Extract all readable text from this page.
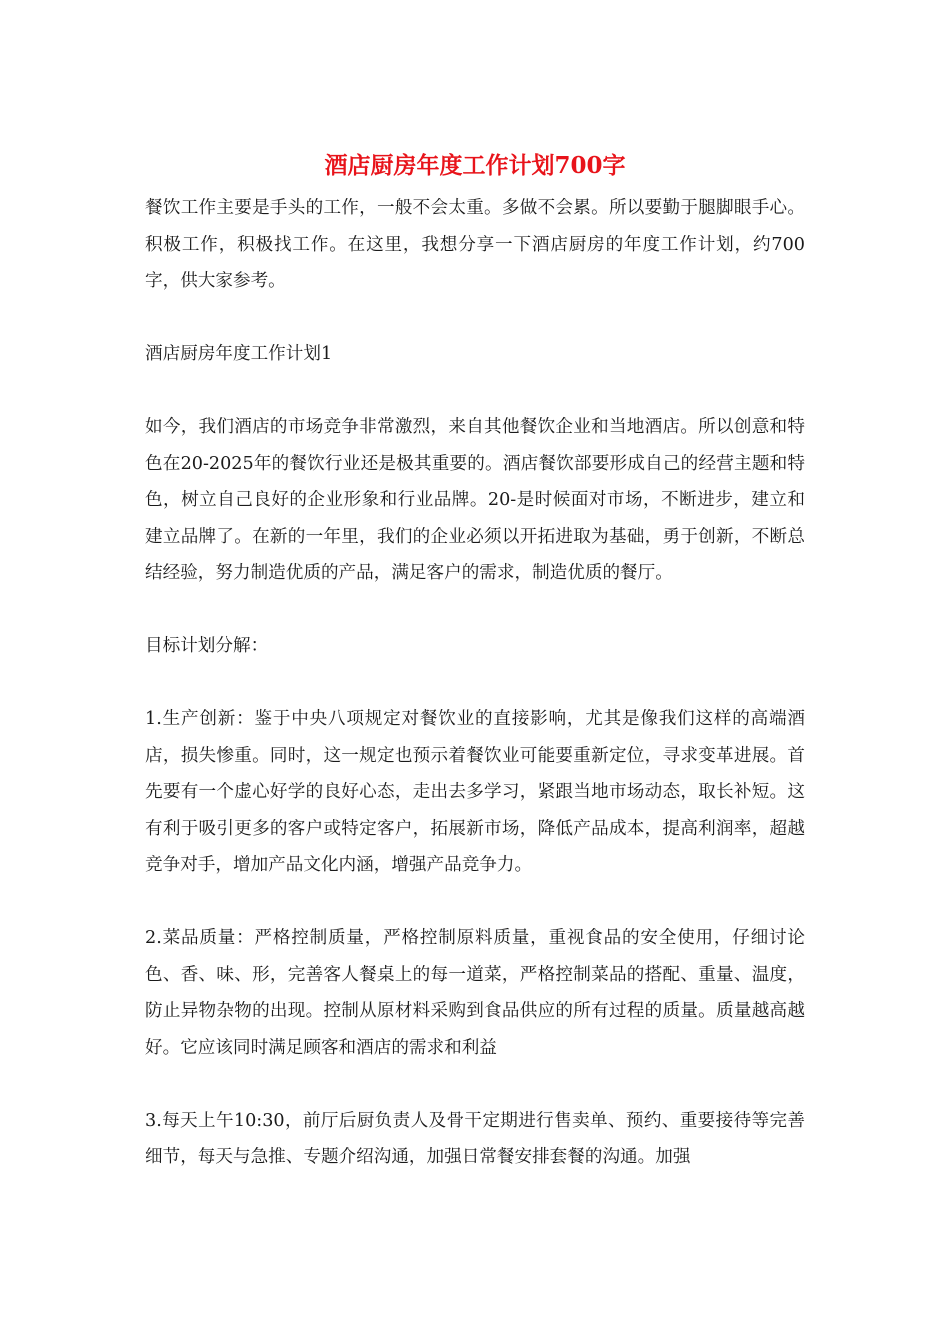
酒店厨房年度工作计划700字

餐饮工作主要是手头的工作，一般不会太重。多做不会累。所以要勤于腿脚眼手心。积极工作，积极找工作。在这里，我想分享一下酒店厨房的年度工作计划，约700字，供大家参考。

酒店厨房年度工作计划1

如今，我们酒店的市场竞争非常激烈，来自其他餐饮企业和当地酒店。所以创意和特色在20-2025年的餐饮行业还是极其重要的。酒店餐饮部要形成自己的经营主题和特色，树立自己良好的企业形象和行业品牌。20-是时候面对市场，不断进步，建立和建立品牌了。在新的一年里，我们的企业必须以开拓进取为基础，勇于创新，不断总结经验，努力制造优质的产品，满足客户的需求，制造优质的餐厅。

目标计划分解：

1.生产创新：鉴于中央八项规定对餐饮业的直接影响，尤其是像我们这样的高端酒店，损失惨重。同时，这一规定也预示着餐饮业可能要重新定位，寻求变革进展。首先要有一个虚心好学的良好心态，走出去多学习，紧跟当地市场动态，取长补短。这有利于吸引更多的客户或特定客户，拓展新市场，降低产品成本，提高利润率，超越竞争对手，增加产品文化内涵，增强产品竞争力。

2.菜品质量：严格控制质量，严格控制原料质量，重视食品的安全使用，仔细讨论色、香、味、形，完善客人餐桌上的每一道菜，严格控制菜品的搭配、重量、温度，防止异物杂物的出现。控制从原材料采购到食品供应的所有过程的质量。质量越高越好。它应该同时满足顾客和酒店的需求和利益

3.每天上午10:30，前厅后厨负责人及骨干定期进行售卖单、预约、重要接待等完善细节，每天与急推、专题介绍沟通，加强日常餐安排套餐的沟通。加强
